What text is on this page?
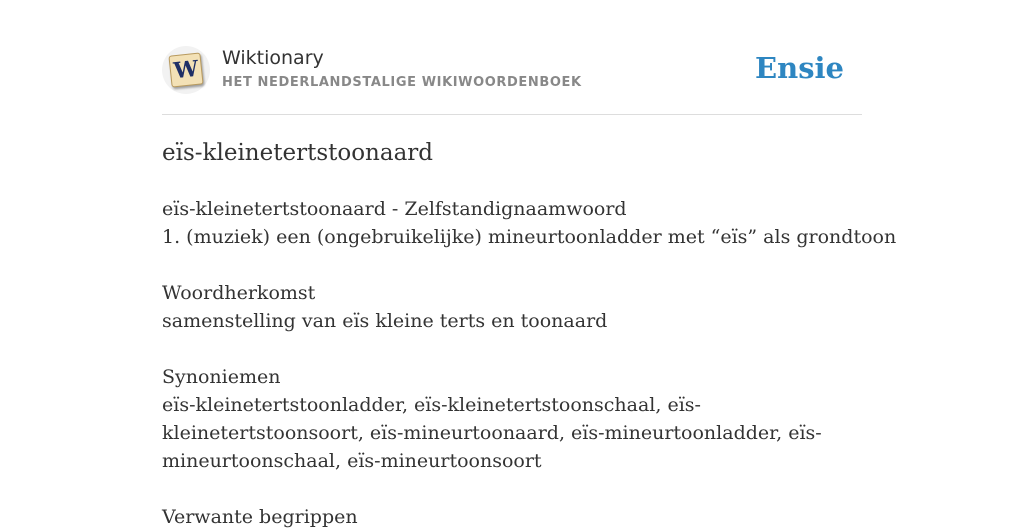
W Wiktionary
HET NEDERLANDSTALIGE WIKIWOORDENBOEK	Ensie
eïs-kleinetertstoonaard
eïs-kleinetertstoonaard - Zelfstandignaamwoord
1. (muziek) een (ongebruikelijke) mineurtoonladder met “eïs” als grondtoon
Woordherkomst
samenstelling van eïs kleine terts en toonaard
Synoniemen
eïs-kleinetertstoonladder, eïs-kleinetertstoonschaal, eïs-kleinetertstoonsoort, eïs-mineurtoonaard, eïs-mineurtoonladder, eïs-mineurtoonschaal, eïs-mineurtoonsoort
Verwante begrippen
